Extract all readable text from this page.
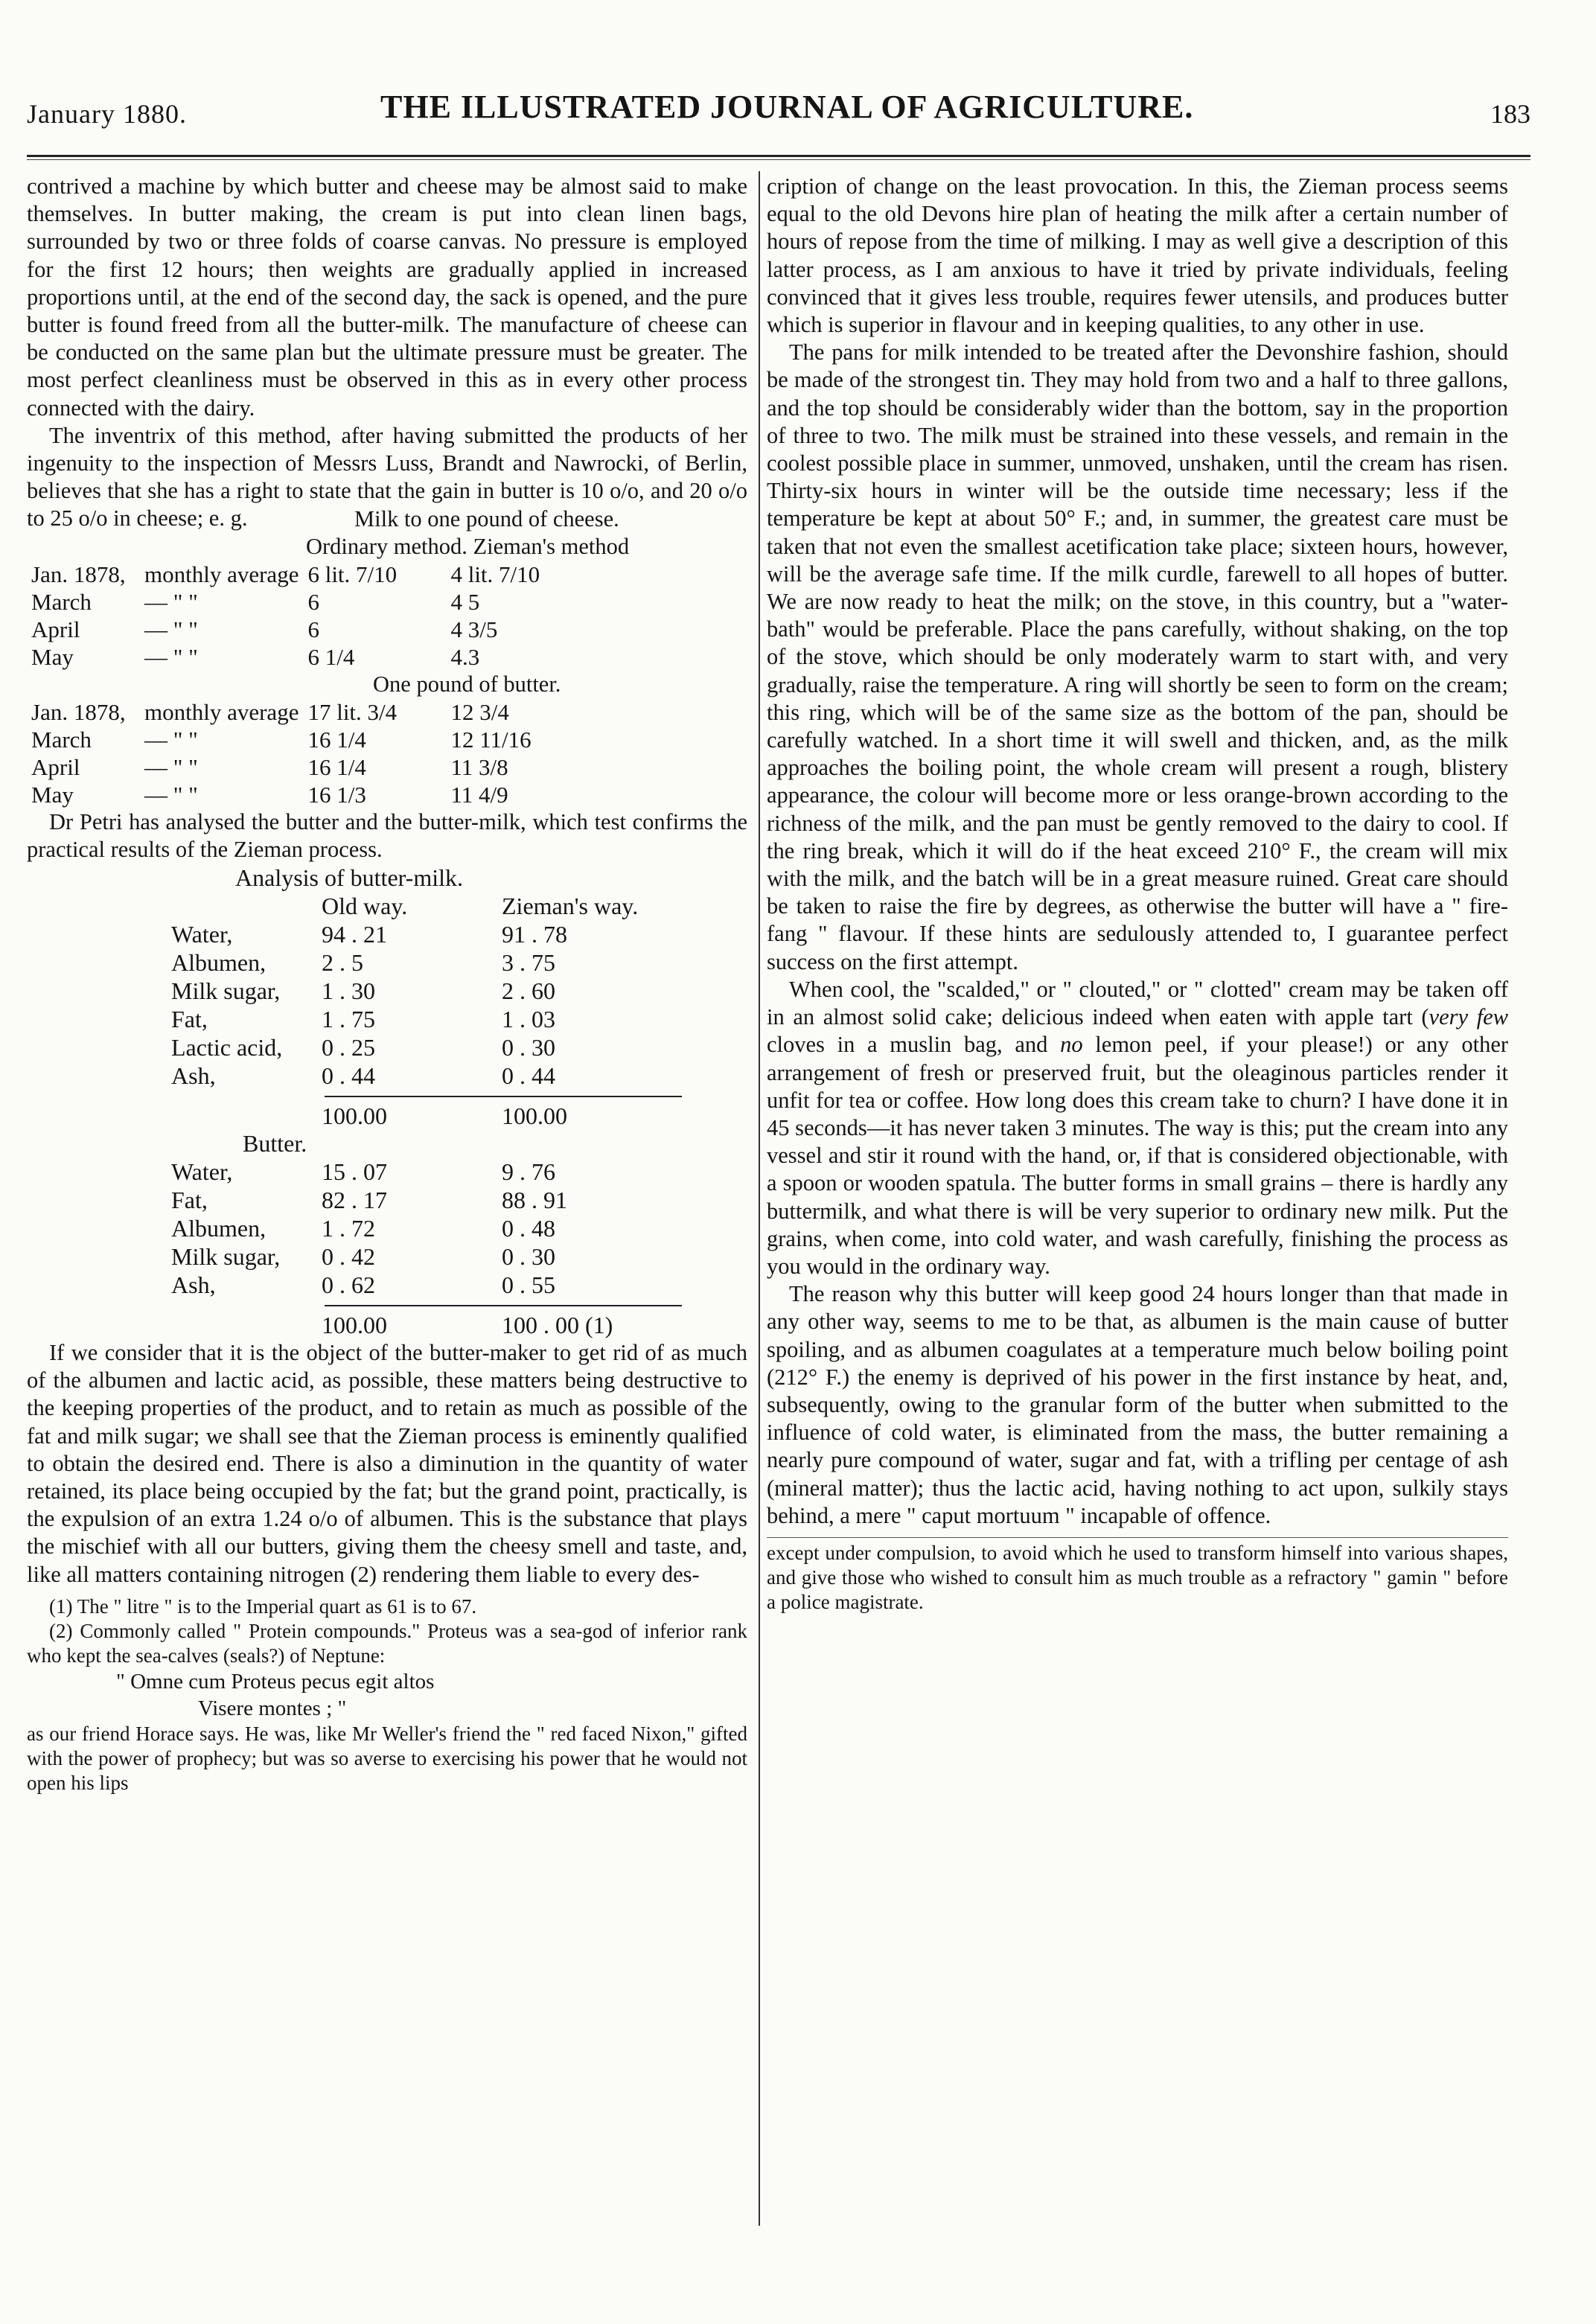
January 1880.	THE ILLUSTRATED JOURNAL OF AGRICULTURE.	183

contrived a machine by which butter and cheese may be almost said to make themselves. In butter making, the cream is put into clean linen bags, surrounded by two or three folds of coarse canvas. No pressure is employed for the first 12 hours; then weights are gradually applied in increased proportions until, at the end of the second day, the sack is opened, and the pure butter is found freed from all the butter-milk. The manufacture of cheese can be conducted on the same plan but the ultimate pressure must be greater. The most perfect cleanliness must be observed in this as in every other process connected with the dairy.

The inventrix of this method, after having submitted the products of her ingenuity to the inspection of Messrs Luss, Brandt and Nawrocki, of Berlin, believes that she has a right to state that the gain in butter is 10 o/o, and 20 o/o to 25 o/o in cheese; e. g.	Milk to one pound of cheese.
Ordinary method. Zieman's method
Jan. 1878,	monthly average	6 lit. 7/10	4 lit. 7/10
March	— " "	6	4 5
April	— " "	6	4 3/5
May	— " "	6 1/4	4.3
One pound of butter.
Jan. 1878,	monthly average	17 lit. 3/4	12 3/4
March	— " "	16 1/4	12 11/16
April	— " "	16 1/4	11 3/8
May	— " "	16 1/3	11 4/9

Dr Petri has analysed the butter and the butter-milk, which test confirms the practical results of the Zieman process.

Analysis of butter-milk.
	Old way.	Zieman's way.
Water,	94 . 21	91 . 78
Albumen,	2 . 5	3 . 75
Milk sugar,	1 . 30	2 . 60
Fat,	1 . 75	1 . 03
Lactic acid,	0 . 25	0 . 30
Ash,	0 . 44	0 . 44
	100.00	100.00
Butter.
Water,	15 . 07	9 . 76
Fat,	82 . 17	88 . 91
Albumen,	1 . 72	0 . 48
Milk sugar,	0 . 42	0 . 30
Ash,	0 . 62	0 . 55
	100.00	100 . 00 (1)

If we consider that it is the object of the butter-maker to get rid of as much of the albumen and lactic acid, as possible, these matters being destructive to the keeping properties of the product, and to retain as much as possible of the fat and milk sugar; we shall see that the Zieman process is eminently qualified to obtain the desired end. There is also a diminution in the quantity of water retained, its place being occupied by the fat; but the grand point, practically, is the expulsion of an extra 1.24 o/o of albumen. This is the substance that plays the mischief with all our butters, giving them the cheesy smell and taste, and, like all matters containing nitrogen (2) rendering them liable to every des-

(1) The " litre " is to the Imperial quart as 61 is to 67.

(2) Commonly called " Protein compounds." Proteus was a sea-god of inferior rank who kept the sea-calves (seals?) of Neptune:

" Omne cum Proteus pecus egit altos
Visere montes ; "

as our friend Horace says. He was, like Mr Weller's friend the " red faced Nixon," gifted with the power of prophecy; but was so averse to exercising his power that he would not open his lips

cription of change on the least provocation. In this, the Zieman process seems equal to the old Devons hire plan of heating the milk after a certain number of hours of repose from the time of milking. I may as well give a description of this latter process, as I am anxious to have it tried by private individuals, feeling convinced that it gives less trouble, requires fewer utensils, and produces butter which is superior in flavour and in keeping qualities, to any other in use.

The pans for milk intended to be treated after the Devonshire fashion, should be made of the strongest tin. They may hold from two and a half to three gallons, and the top should be considerably wider than the bottom, say in the proportion of three to two. The milk must be strained into these vessels, and remain in the coolest possible place in summer, unmoved, unshaken, until the cream has risen. Thirty-six hours in winter will be the outside time necessary; less if the temperature be kept at about 50° F.; and, in summer, the greatest care must be taken that not even the smallest acetification take place; sixteen hours, however, will be the average safe time. If the milk curdle, farewell to all hopes of butter. We are now ready to heat the milk; on the stove, in this country, but a "water-bath" would be preferable. Place the pans carefully, without shaking, on the top of the stove, which should be only moderately warm to start with, and very gradually, raise the temperature. A ring will shortly be seen to form on the cream; this ring, which will be of the same size as the bottom of the pan, should be carefully watched. In a short time it will swell and thicken, and, as the milk approaches the boiling point, the whole cream will present a rough, blistery appearance, the colour will become more or less orange-brown according to the richness of the milk, and the pan must be gently removed to the dairy to cool. If the ring break, which it will do if the heat exceed 210° F., the cream will mix with the milk, and the batch will be in a great measure ruined. Great care should be taken to raise the fire by degrees, as otherwise the butter will have a " fire-fang " flavour. If these hints are sedulously attended to, I guarantee perfect success on the first attempt.

When cool, the "scalded," or " clouted," or " clotted" cream may be taken off in an almost solid cake; delicious indeed when eaten with apple tart (very few cloves in a muslin bag, and no lemon peel, if your please!) or any other arrangement of fresh or preserved fruit, but the oleaginous particles render it unfit for tea or coffee. How long does this cream take to churn? I have done it in 45 seconds—it has never taken 3 minutes. The way is this; put the cream into any vessel and stir it round with the hand, or, if that is considered objectionable, with a spoon or wooden spatula. The butter forms in small grains – there is hardly any buttermilk, and what there is will be very superior to ordinary new milk. Put the grains, when come, into cold water, and wash carefully, finishing the process as you would in the ordinary way.

The reason why this butter will keep good 24 hours longer than that made in any other way, seems to me to be that, as albumen is the main cause of butter spoiling, and as albumen coagulates at a temperature much below boiling point (212° F.) the enemy is deprived of his power in the first instance by heat, and, subsequently, owing to the granular form of the butter when submitted to the influence of cold water, is eliminated from the mass, the butter remaining a nearly pure compound of water, sugar and fat, with a trifling per centage of ash (mineral matter); thus the lactic acid, having nothing to act upon, sulkily stays behind, a mere " caput mortuum " incapable of offence.

except under compulsion, to avoid which he used to transform himself into various shapes, and give those who wished to consult him as much trouble as a refractory " gamin " before a police magistrate.
